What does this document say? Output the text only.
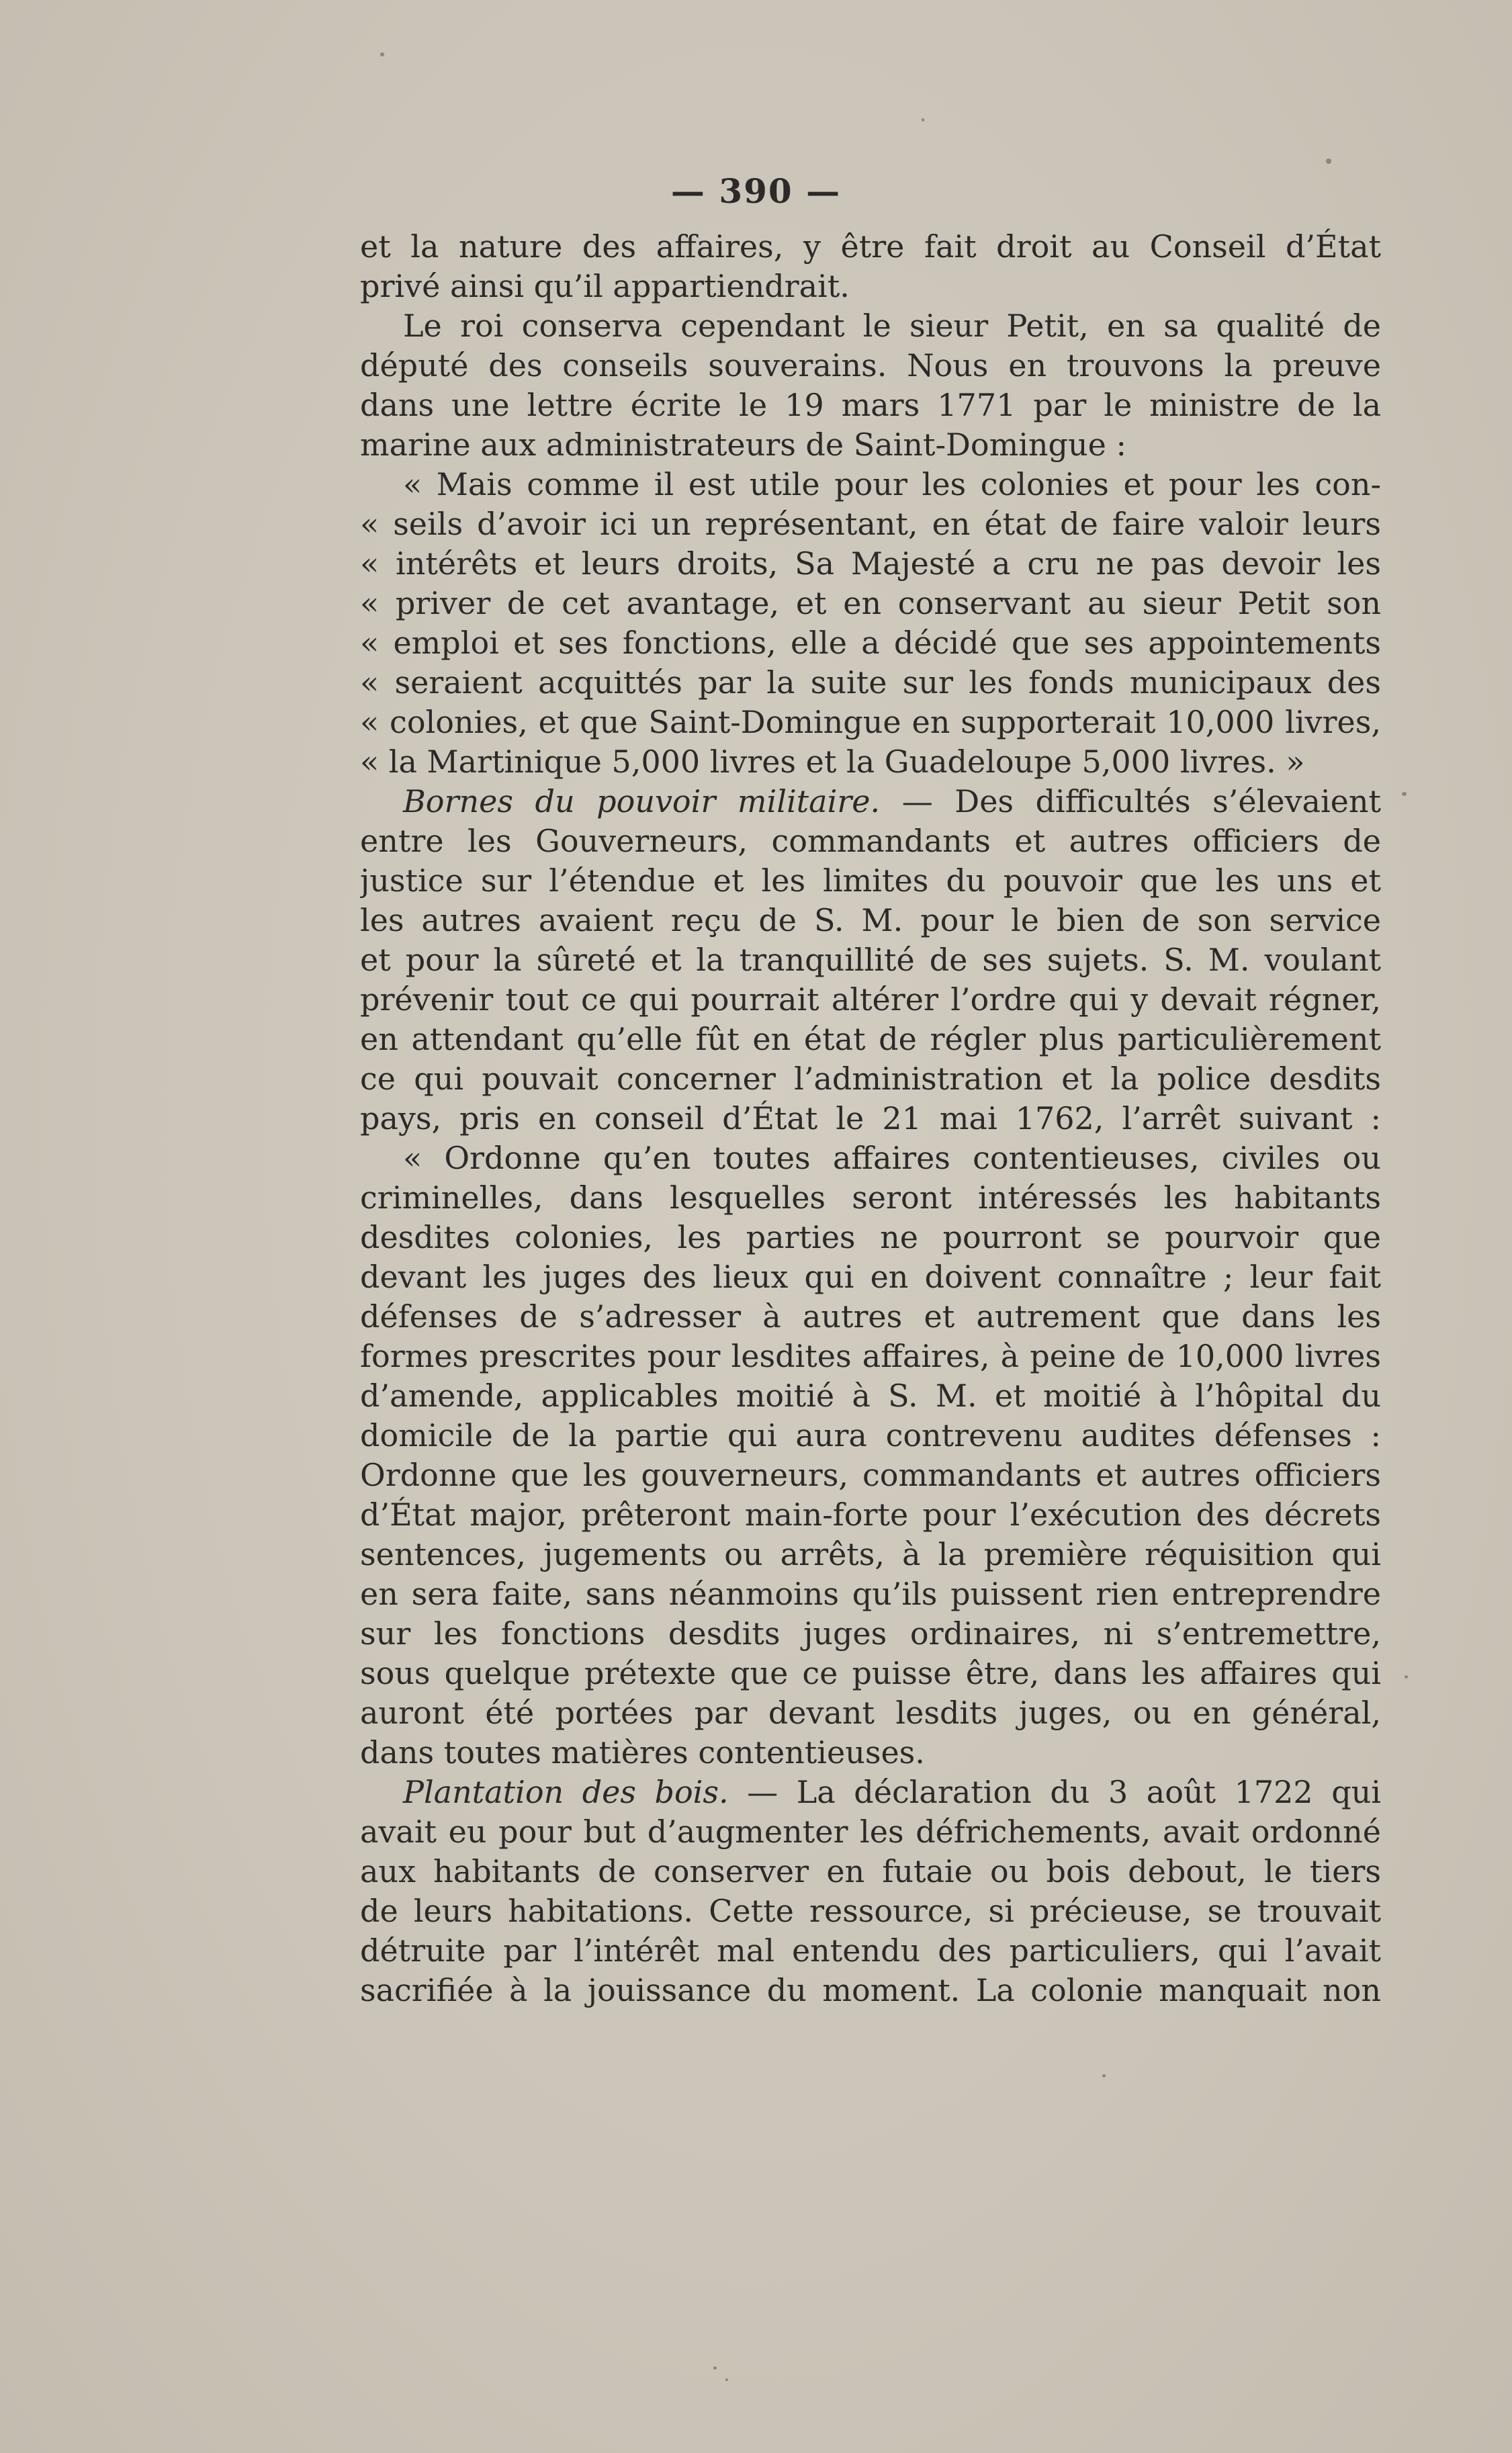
— 390 —
et la nature des affaires, y être fait droit au Conseil d’État
privé ainsi qu’il appartiendrait.
Le roi conserva cependant le sieur Petit, en sa qualité de
député des conseils souverains. Nous en trouvons la preuve
dans une lettre écrite le 19 mars 1771 par le ministre de la
marine aux administrateurs de Saint-Domingue :
« Mais comme il est utile pour les colonies et pour les con-
« seils d’avoir ici un représentant, en état de faire valoir leurs
« intérêts et leurs droits, Sa Majesté a cru ne pas devoir les
« priver de cet avantage, et en conservant au sieur Petit son
« emploi et ses fonctions, elle a décidé que ses appointements
« seraient acquittés par la suite sur les fonds municipaux des
« colonies, et que Saint-Domingue en supporterait 10,000 livres,
« la Martinique 5,000 livres et la Guadeloupe 5,000 livres. »
Bornes du pouvoir militaire. — Des difficultés s’élevaient
entre les Gouverneurs, commandants et autres officiers de
justice sur l’étendue et les limites du pouvoir que les uns et
les autres avaient reçu de S. M. pour le bien de son service
et pour la sûreté et la tranquillité de ses sujets. S. M. voulant
prévenir tout ce qui pourrait altérer l’ordre qui y devait régner,
en attendant qu’elle fût en état de régler plus particulièrement
ce qui pouvait concerner l’administration et la police desdits
pays, pris en conseil d’État le 21 mai 1762, l’arrêt suivant :
« Ordonne qu’en toutes affaires contentieuses, civiles ou
criminelles, dans lesquelles seront intéressés les habitants
desdites colonies, les parties ne pourront se pourvoir que
devant les juges des lieux qui en doivent connaître ; leur fait
défenses de s’adresser à autres et autrement que dans les
formes prescrites pour lesdites affaires, à peine de 10,000 livres
d’amende, applicables moitié à S. M. et moitié à l’hôpital du
domicile de la partie qui aura contrevenu audites défenses :
Ordonne que les gouverneurs, commandants et autres officiers
d’État major, prêteront main-forte pour l’exécution des décrets
sentences, jugements ou arrêts, à la première réquisition qui
en sera faite, sans néanmoins qu’ils puissent rien entreprendre
sur les fonctions desdits juges ordinaires, ni s’entremettre,
sous quelque prétexte que ce puisse être, dans les affaires qui
auront été portées par devant lesdits juges, ou en général,
dans toutes matières contentieuses.
Plantation des bois. — La déclaration du 3 août 1722 qui
avait eu pour but d’augmenter les défrichements, avait ordonné
aux habitants de conserver en futaie ou bois debout, le tiers
de leurs habitations. Cette ressource, si précieuse, se trouvait
détruite par l’intérêt mal entendu des particuliers, qui l’avait
sacrifiée à la jouissance du moment. La colonie manquait non
